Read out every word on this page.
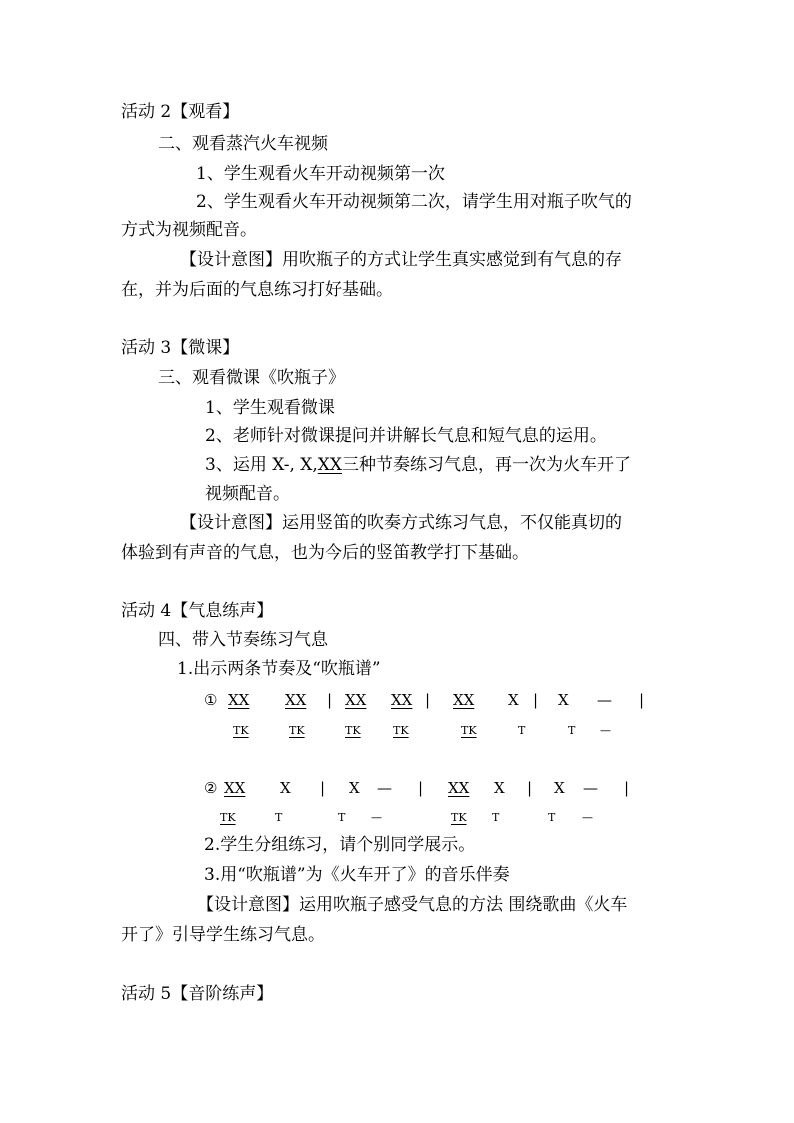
活动 2【观看】
二、观看蒸汽火车视频
1、学生观看火车开动视频第一次
2、学生观看火车开动视频第二次，请学生用对瓶子吹气的
方式为视频配音。
【设计意图】用吹瓶子的方式让学生真实感觉到有气息的存
在，并为后面的气息练习打好基础。
活动 3【微课】
三、观看微课《吹瓶子》
1、学生观看微课
2、老师针对微课提问并讲解长气息和短气息的运用。
3、运用 X-, X,XX三种节奏练习气息，再一次为火车开了
视频配音。
【设计意图】运用竖笛的吹奏方式练习气息，不仅能真切的
体验到有声音的气息，也为今后的竖笛教学打下基础。
活动 4【气息练声】
四、带入节奏练习气息
1.出示两条节奏及“吹瓶谱”
① XX XX | XX XX | XX X | X — |
TK	TK	TK	TK	TK	T	T —
② XX X | X — | XX X | X — |
TK	T	T —	TK T	T —
2.学生分组练习，请个别同学展示。
3.用“吹瓶谱”为《火车开了》的音乐伴奏
【设计意图】运用吹瓶子感受气息的方法 围绕歌曲《火车
开了》引导学生练习气息。
活动 5【音阶练声】
